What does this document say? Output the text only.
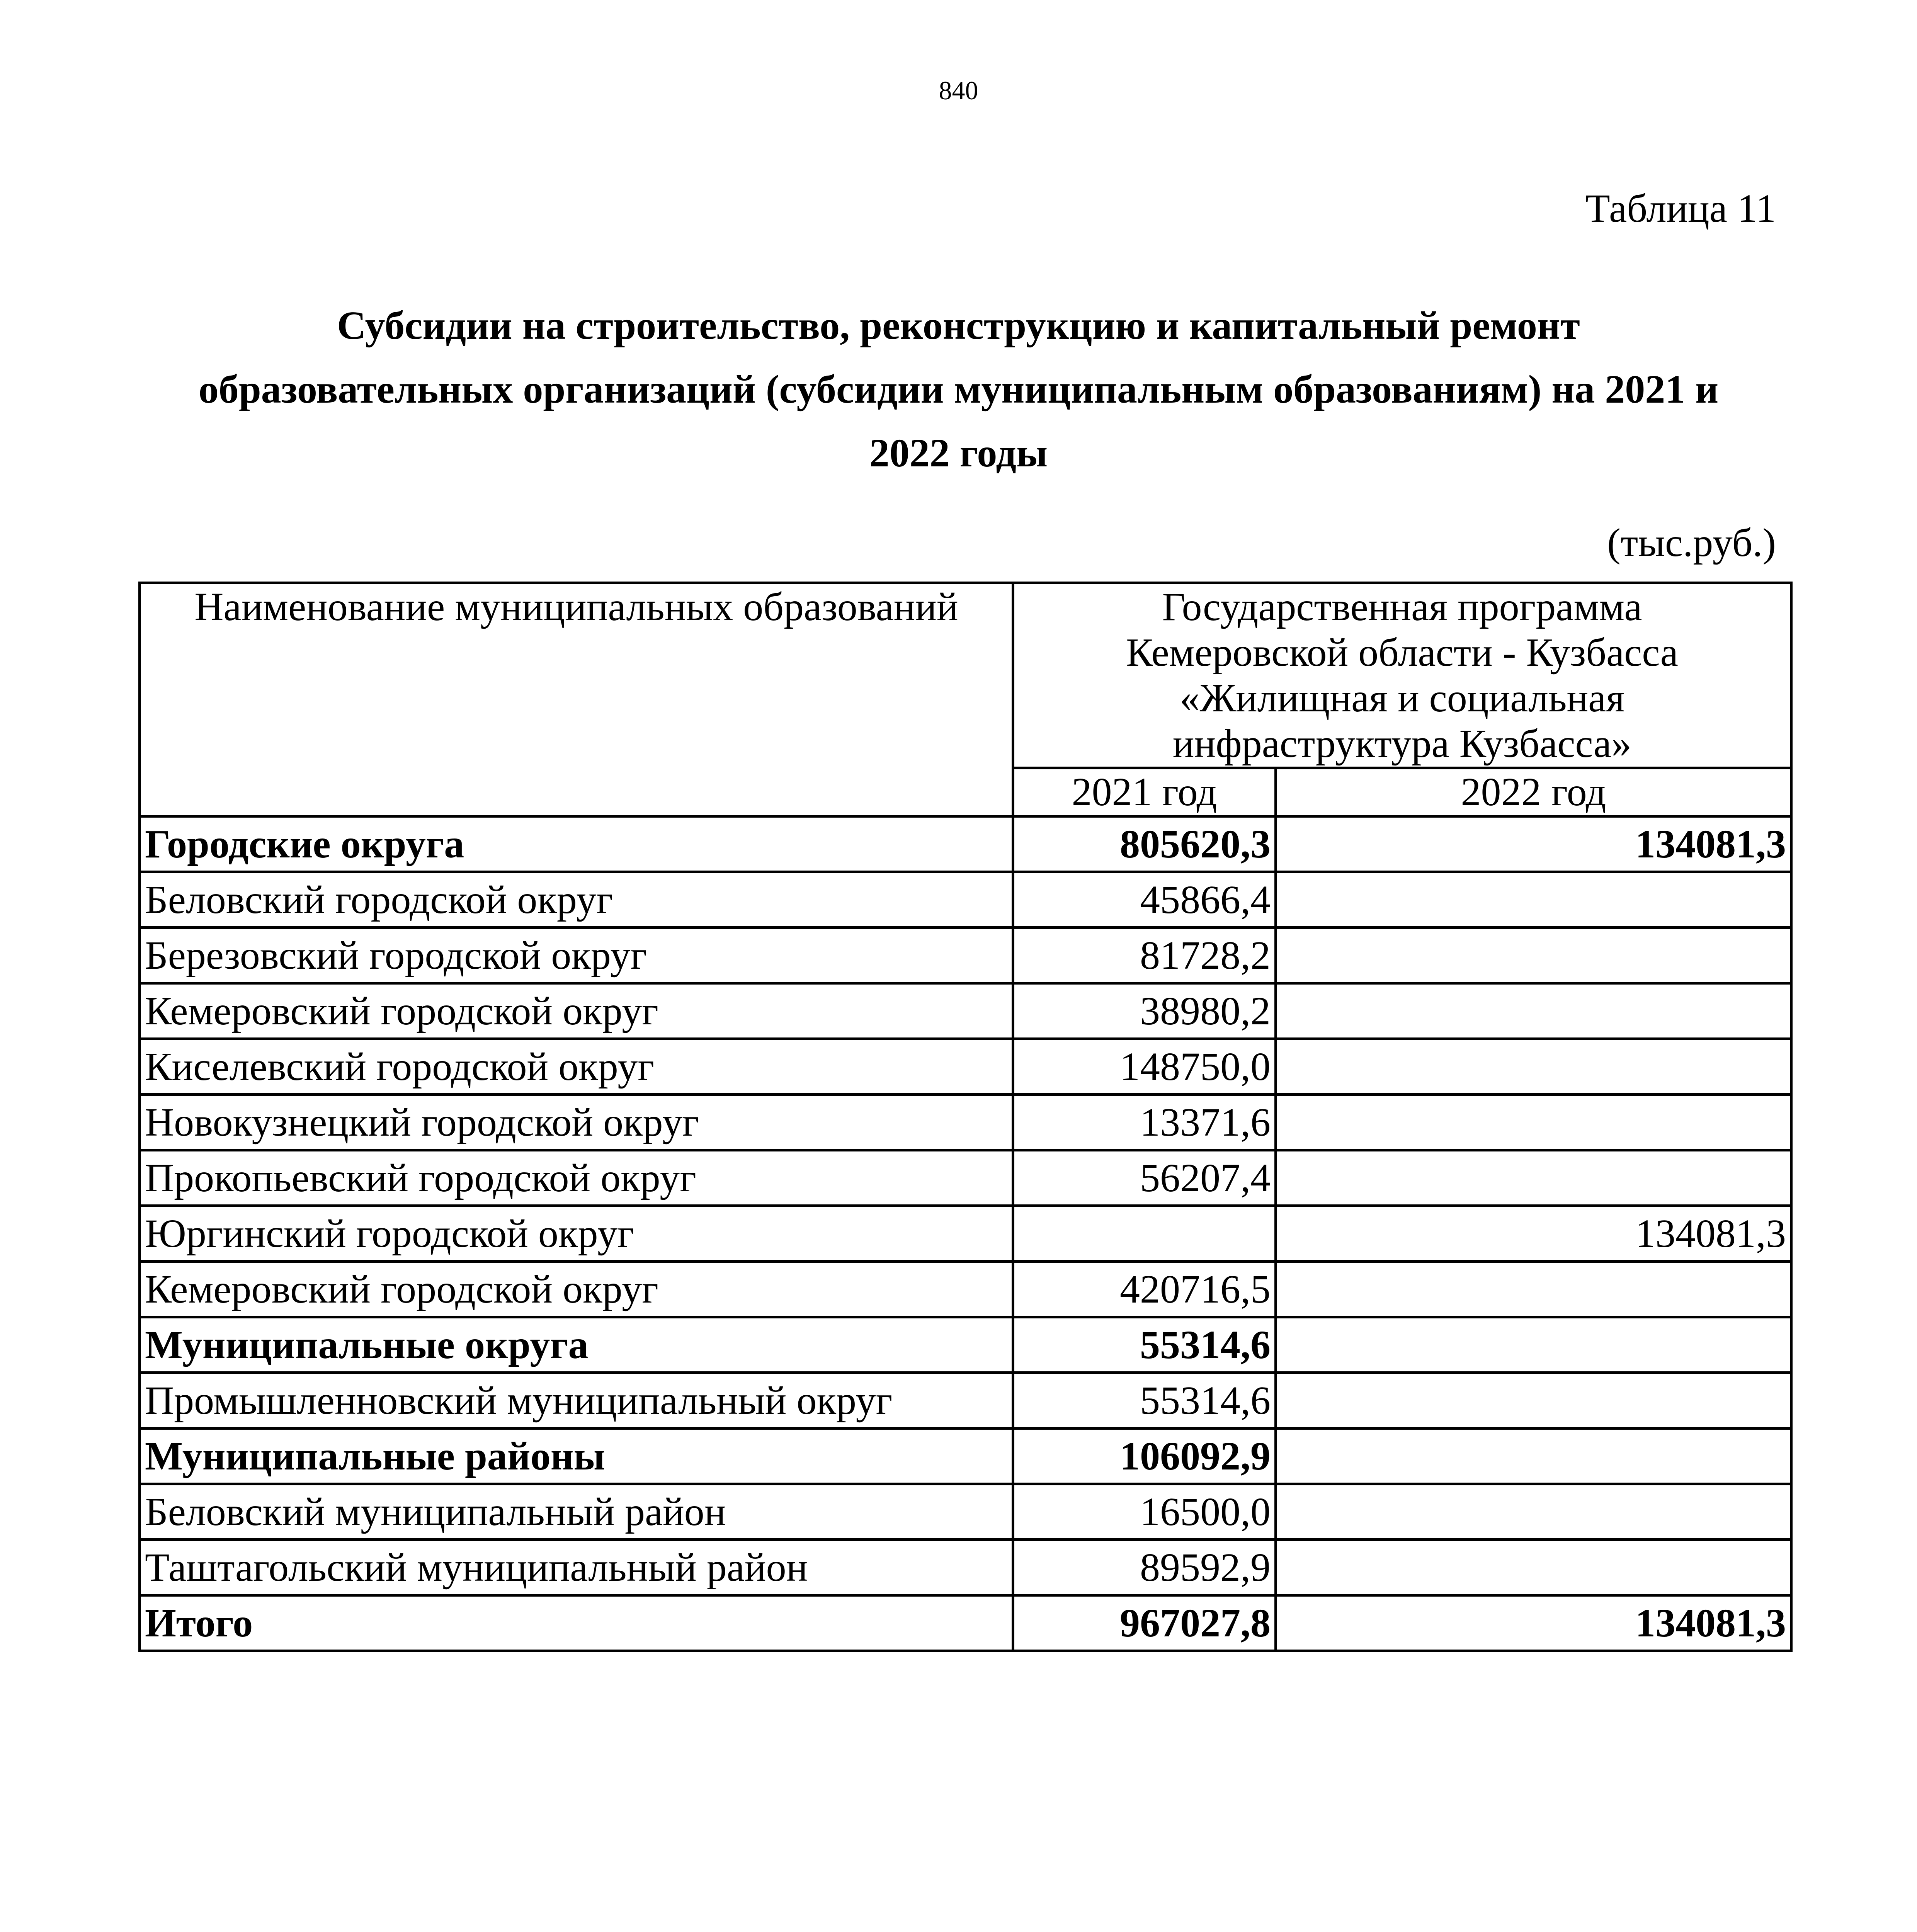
840
Таблица 11
Субсидии на строительство, реконструкцию и капитальный ремонт
образовательных организаций (субсидии муниципальным образованиям) на 2021 и
2022 годы
(тыс.руб.)
Наименование муниципальных образований	Государственная программа
Кемеровской области - Кузбасса
«Жилищная и социальная
инфраструктура Кузбасса»	
	2021 год	2022 год
Городские округа	805620,3	134081,3
Беловский городской округ	45866,4	
Березовский городской округ	81728,2	
Кемеровский городской округ	38980,2	
Киселевский городской округ	148750,0	
Новокузнецкий городской округ	13371,6	
Прокопьевский городской округ	56207,4	
Юргинский городской округ		134081,3
Кемеровский городской округ	420716,5	
Муниципальные округа	55314,6	
Промышленновский муниципальный округ	55314,6	
Муниципальные районы	106092,9	
Беловский муниципальный район	16500,0	
Таштагольский муниципальный район	89592,9	
Итого	967027,8	134081,3
